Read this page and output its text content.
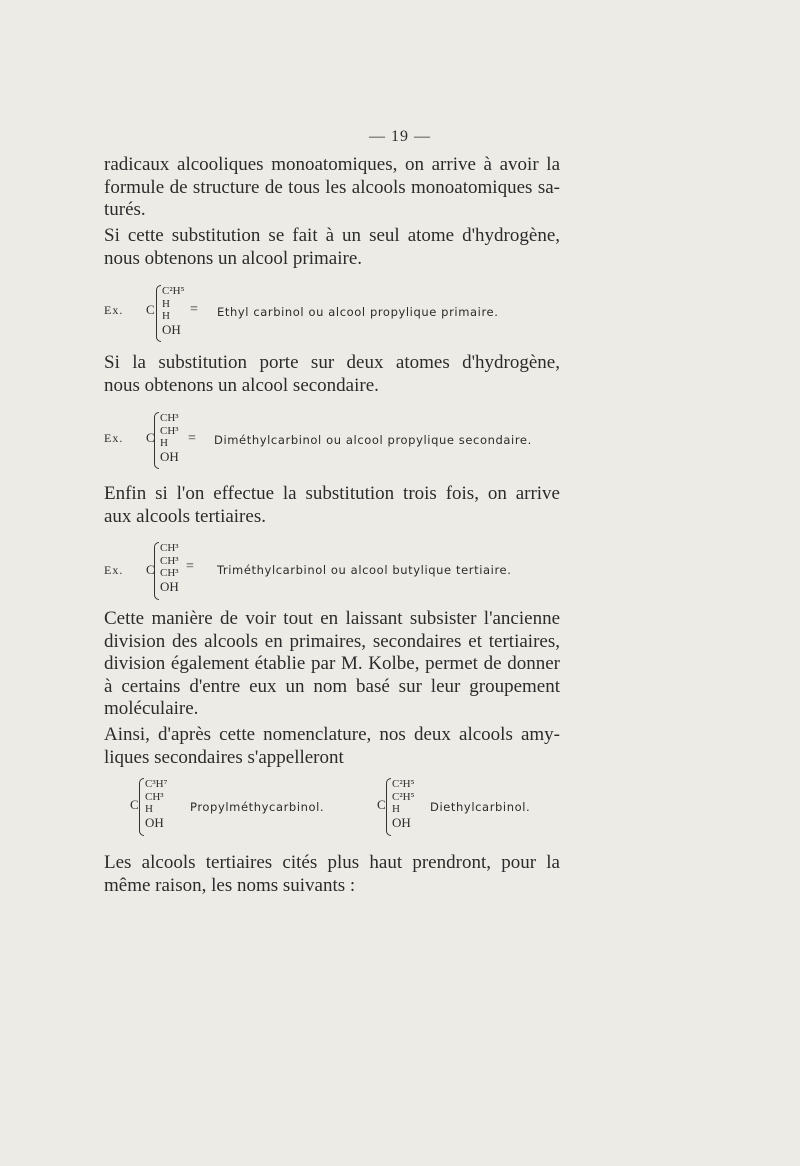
— 19 —
radicaux alcooliques monoatomiques, on arrive à avoir la
formule de structure de tous les alcools monoatomiques sa-
turés.
Si cette substitution se fait à un seul atome d'hydrogène,
nous obtenons un alcool primaire.
Ex. C
C²H⁵
H
H
OH
= Ethyl carbinol ou alcool propylique primaire.
Si la substitution porte sur deux atomes d'hydrogène,
nous obtenons un alcool secondaire.
Ex. C
CH³
CH³
H
OH
= Diméthylcarbinol ou alcool propylique secondaire.
Enfin si l'on effectue la substitution trois fois, on arrive
aux alcools tertiaires.
Ex. C
CH³
CH³
CH³
OH
= Triméthylcarbinol ou alcool butylique tertiaire.
Cette manière de voir tout en laissant subsister l'ancienne
division des alcools en primaires, secondaires et tertiaires,
division également établie par M. Kolbe, permet de donner
à certains d'entre eux un nom basé sur leur groupement
moléculaire.
Ainsi, d'après cette nomenclature, nos deux alcools amy-
liques secondaires s'appelleront
C
C³H⁷
CH³
H
OH
Propylméthycarbinol.	C
C²H⁵
C²H⁵
H
OH
Diethylcarbinol.
Les alcools tertiaires cités plus haut prendront, pour la
même raison, les noms suivants :
